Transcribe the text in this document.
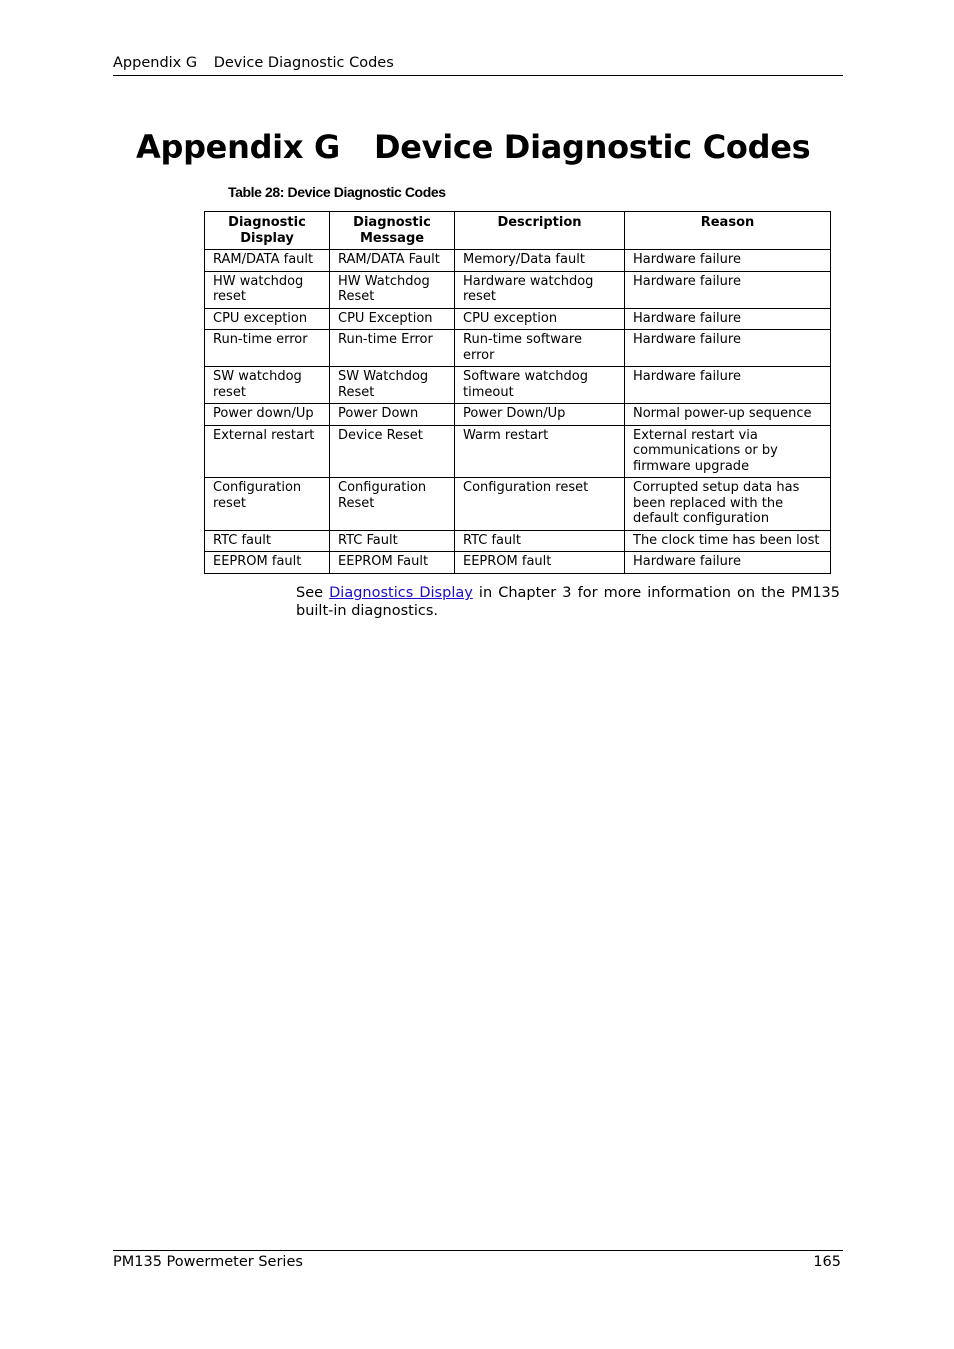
Appendix G Device Diagnostic Codes
Appendix G Device Diagnostic Codes
Table 28: Device Diagnostic Codes
Diagnostic Display	Diagnostic Message	Description	Reason
RAM/DATA fault	RAM/DATA Fault	Memory/Data fault	Hardware failure
HW watchdog reset	HW Watchdog Reset	Hardware watchdog reset	Hardware failure
CPU exception	CPU Exception	CPU exception	Hardware failure
Run-time error	Run-time Error	Run-time software error	Hardware failure
SW watchdog reset	SW Watchdog Reset	Software watchdog timeout	Hardware failure
Power down/Up	Power Down	Power Down/Up	Normal power-up sequence
External restart	Device Reset	Warm restart	External restart via communications or by firmware upgrade
Configuration reset	Configuration Reset	Configuration reset	Corrupted setup data has been replaced with the default configuration
RTC fault	RTC Fault	RTC fault	The clock time has been lost
EEPROM fault	EEPROM Fault	EEPROM fault	Hardware failure

See Diagnostics Display in Chapter 3 for more information on the PM135 built-in diagnostics.

PM135 Powermeter Series	165
